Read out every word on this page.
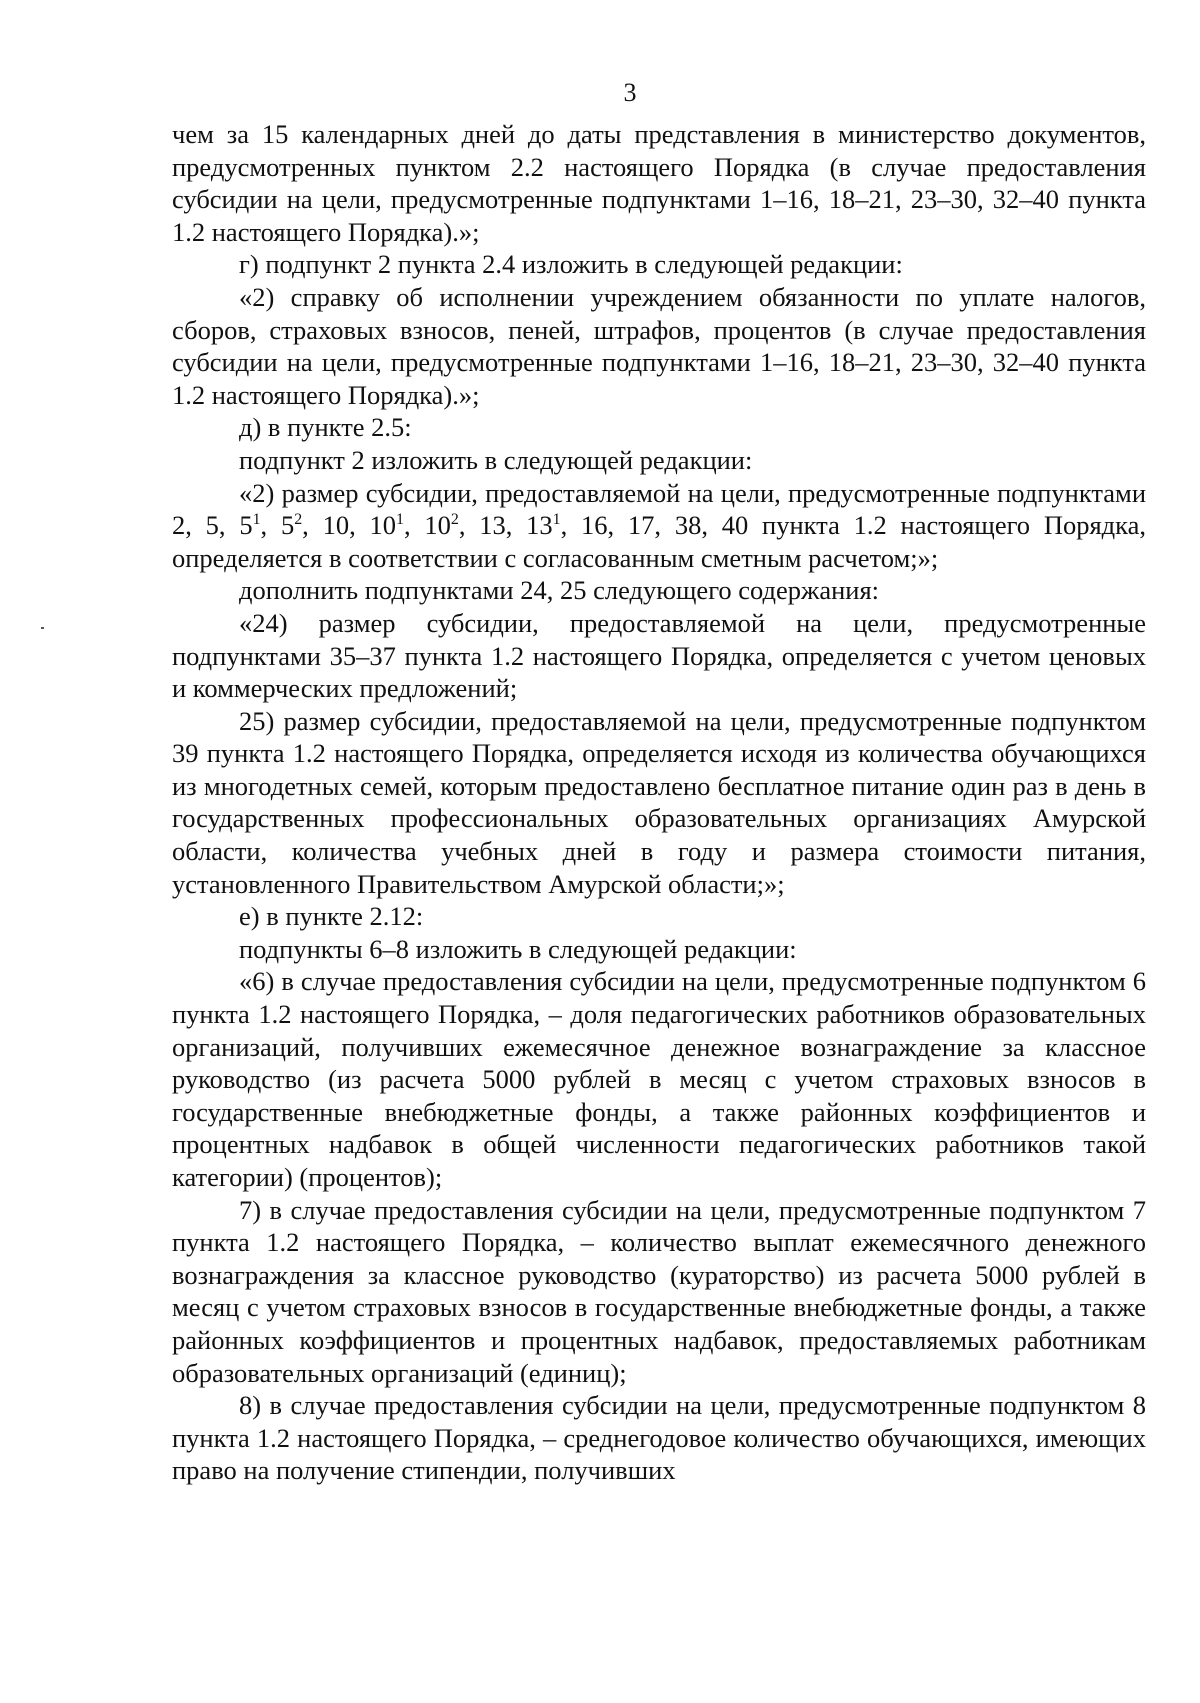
3

чем за 15 календарных дней до даты представления в министерство документов, предусмотренных пунктом 2.2 настоящего Порядка (в случае предоставления субсидии на цели, предусмотренные подпунктами 1–16, 18–21, 23–30, 32–40 пункта 1.2 настоящего Порядка).»;

г) подпункт 2 пункта 2.4 изложить в следующей редакции:

«2) справку об исполнении учреждением обязанности по уплате налогов, сборов, страховых взносов, пеней, штрафов, процентов (в случае предоставления субсидии на цели, предусмотренные подпунктами 1–16, 18–21, 23–30, 32–40 пункта 1.2 настоящего Порядка).»;

д) в пункте 2.5:

подпункт 2 изложить в следующей редакции:

«2) размер субсидии, предоставляемой на цели, предусмотренные подпунктами 2, 5, $5^1$, $5^2$, 10, $10^1$, $10^2$, 13, $13^1$, 16, 17, 38, 40 пункта 1.2 настоящего Порядка, определяется в соответствии с согласованным сметным расчетом;»;

дополнить подпунктами 24, 25 следующего содержания:

«24) размер субсидии, предоставляемой на цели, предусмотренные подпунктами 35–37 пункта 1.2 настоящего Порядка, определяется с учетом ценовых и коммерческих предложений;

25) размер субсидии, предоставляемой на цели, предусмотренные подпунктом 39 пункта 1.2 настоящего Порядка, определяется исходя из количества обучающихся из многодетных семей, которым предоставлено бесплатное питание один раз в день в государственных профессиональных образовательных организациях Амурской области, количества учебных дней в году и размера стоимости питания, установленного Правительством Амурской области;»;

е) в пункте 2.12:

подпункты 6–8 изложить в следующей редакции:

«6) в случае предоставления субсидии на цели, предусмотренные подпунктом 6 пункта 1.2 настоящего Порядка, – доля педагогических работников образовательных организаций, получивших ежемесячное денежное вознаграждение за классное руководство (из расчета 5000 рублей в месяц с учетом страховых взносов в государственные внебюджетные фонды, а также районных коэффициентов и процентных надбавок в общей численности педагогических работников такой категории) (процентов);

7) в случае предоставления субсидии на цели, предусмотренные подпунктом 7 пункта 1.2 настоящего Порядка, – количество выплат ежемесячного денежного вознаграждения за классное руководство (кураторство) из расчета 5000 рублей в месяц с учетом страховых взносов в государственные внебюджетные фонды, а также районных коэффициентов и процентных надбавок, предоставляемых работникам образовательных организаций (единиц);

8) в случае предоставления субсидии на цели, предусмотренные подпунктом 8 пункта 1.2 настоящего Порядка, – среднегодовое количество обучающихся, имеющих право на получение стипендии, получивших
